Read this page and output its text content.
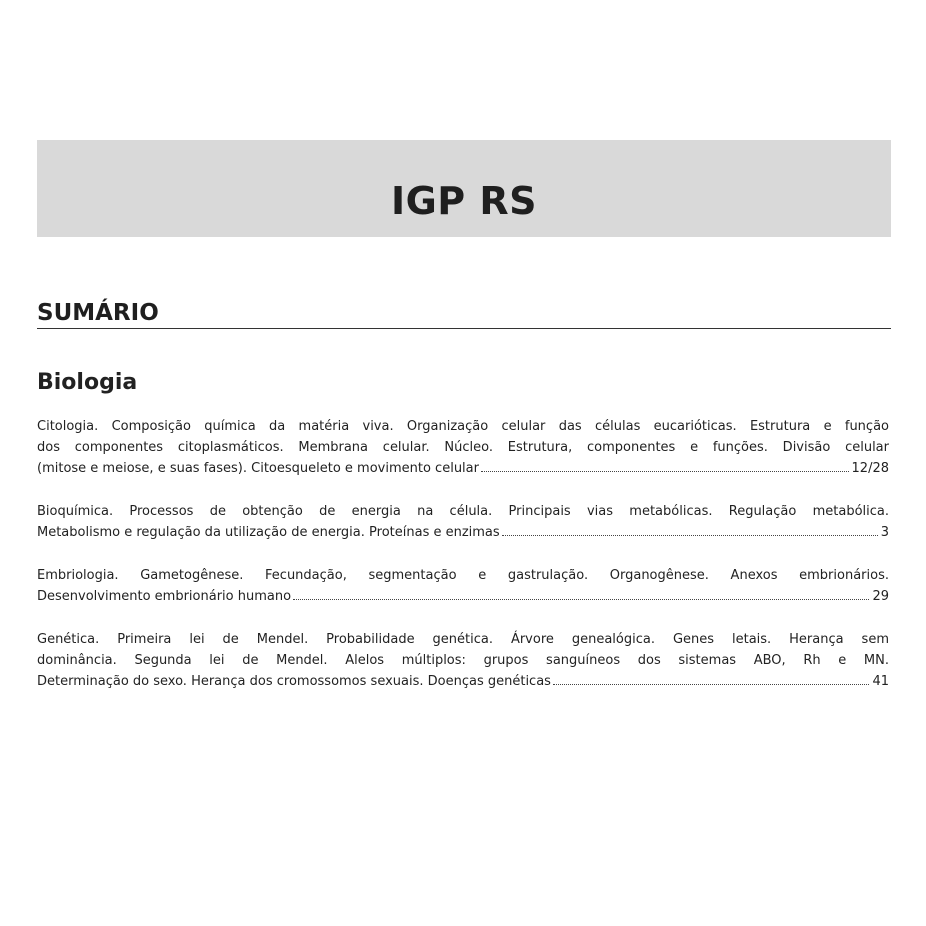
IGP RS
SUMÁRIO
Biologia
Citologia. Composição química da matéria viva. Organização celular das células eucarióticas. Estrutura e função
dos componentes citoplasmáticos. Membrana celular. Núcleo. Estrutura, componentes e funções. Divisão celular
(mitose e meiose, e suas fases). Citoesqueleto e movimento celular	12/28
Bioquímica. Processos de obtenção de energia na célula. Principais vias metabólicas. Regulação metabólica.
Metabolismo e regulação da utilização de energia. Proteínas e enzimas	3
Embriologia. Gametogênese. Fecundação, segmentação e gastrulação. Organogênese. Anexos embrionários.
Desenvolvimento embrionário humano	29
Genética. Primeira lei de Mendel. Probabilidade genética. Árvore genealógica. Genes letais. Herança sem
dominância. Segunda lei de Mendel. Alelos múltiplos: grupos sanguíneos dos sistemas ABO, Rh e MN.
Determinação do sexo. Herança dos cromossomos sexuais. Doenças genéticas	41
